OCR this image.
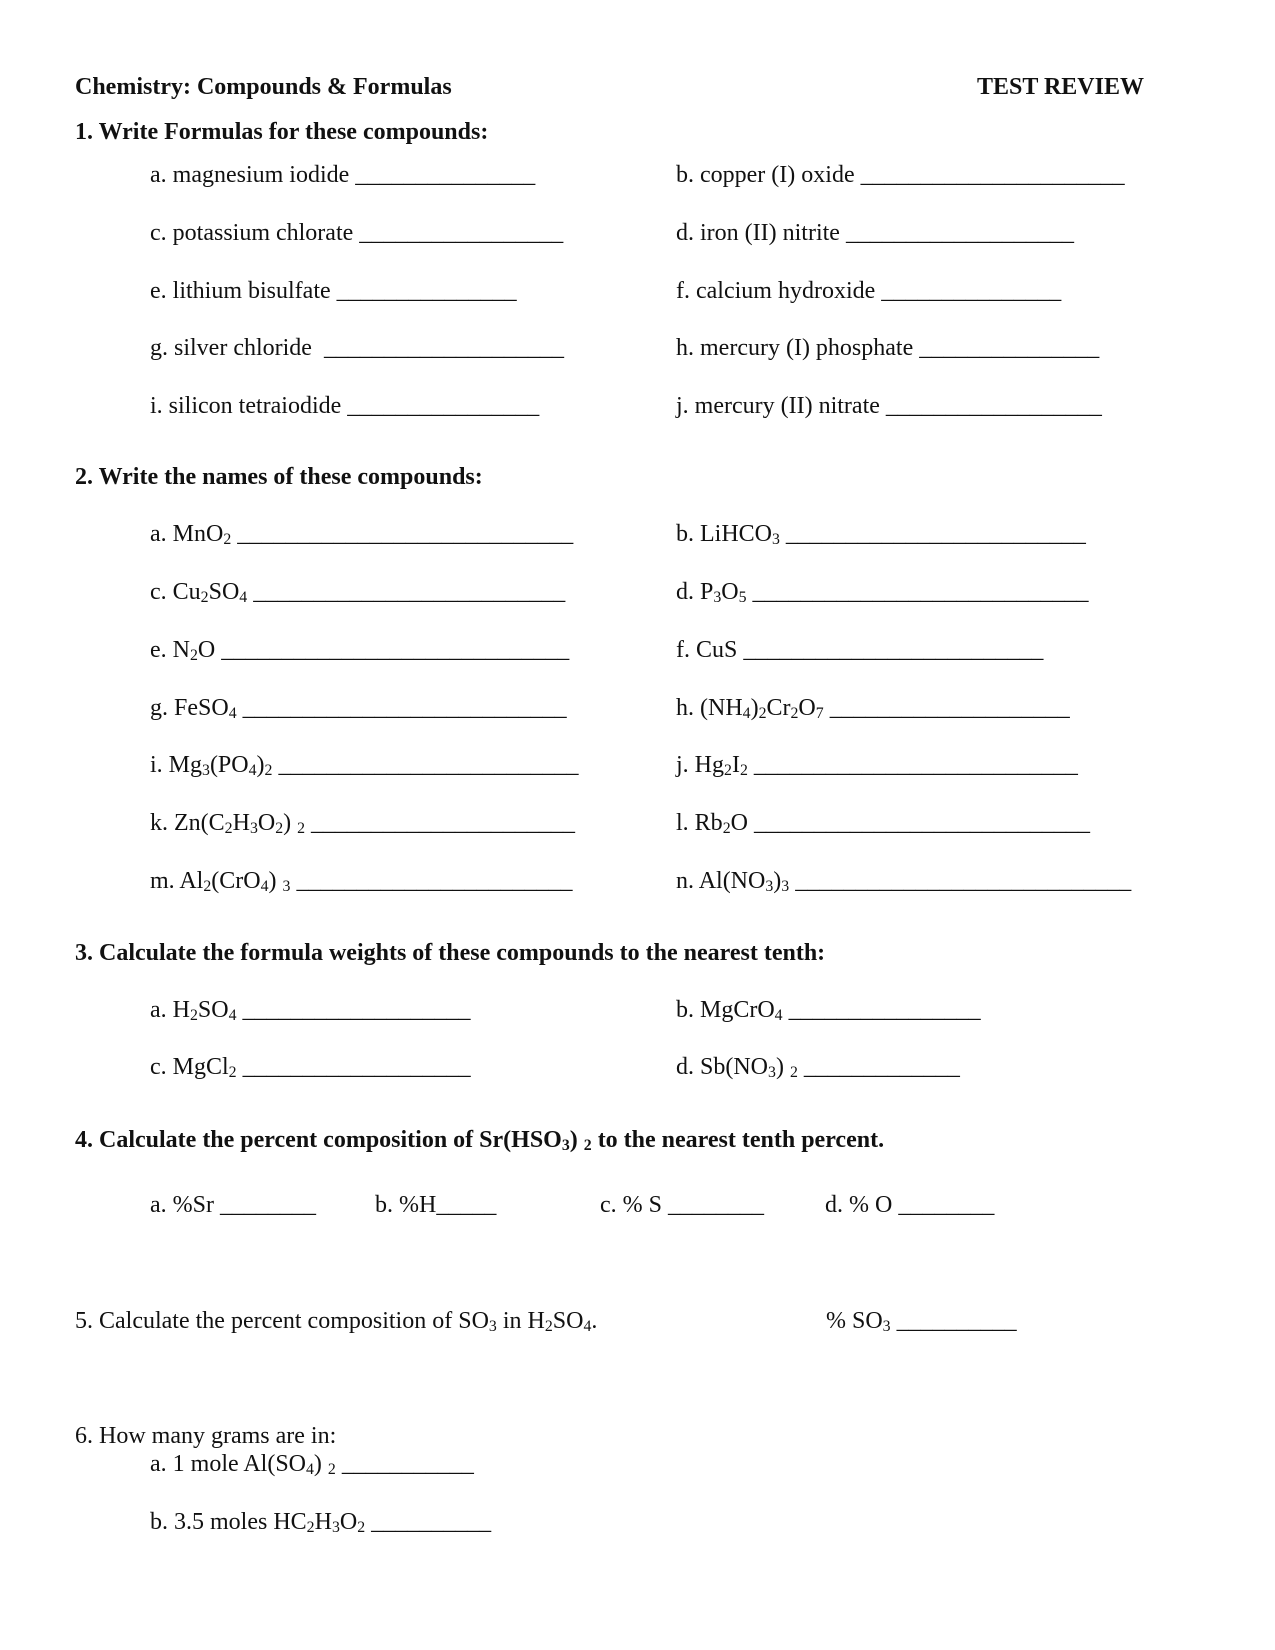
Chemistry: Compounds & Formulas	TEST REVIEW
1. Write Formulas for these compounds:
a. magnesium iodide _______________	b. copper (I) oxide ______________________
c. potassium chlorate _________________	d. iron (II) nitrite ___________________
e. lithium bisulfate _______________	f. calcium hydroxide _______________
g. silver chloride ____________________	h. mercury (I) phosphate _______________
i. silicon tetraiodide ________________	j. mercury (II) nitrate __________________
2. Write the names of these compounds:
a. MnO$_2$ ____________________________	b. LiHCO$_3$ _________________________
c. $Cu_2SO_4$ __________________________	d. $P_3O_5$ ____________________________
e. $N_2O$ _____________________________	f. CuS _________________________
g. FeSO$_4$ ___________________________	h. $(NH_4)_2Cr_2O_7$ ____________________
i. $Mg_3(PO_4)_2$ _________________________	j. $Hg_2I_2$ ___________________________
k. $Zn(C_2H_3O_2)$ $_2$ ______________________	l. $Rb_2O$ ____________________________
m. $Al_2(CrO_4)$ $_3$ _______________________	n. $Al(NO_3)_3$ ____________________________
3. Calculate the formula weights of these compounds to the nearest tenth:
a. $H_2SO_4$ ___________________	b. MgCrO$_4$ ________________
c. MgCl$_2$ ___________________	d. $Sb(NO_3)$ $_2$ _____________
4. Calculate the percent composition of $Sr(HSO_3)$ $_2$ to the nearest tenth percent.
a. %Sr ________ b. %H_____	c. % S ________	d. % O ________
5. Calculate the percent composition of $SO_3$ in $H_2SO_4$.	% $SO_3$ __________
6. How many grams are in:
a. 1 mole $Al(SO_4)$ $_2$ ___________
b. 3.5 moles $HC_2H_3O_2$ __________
